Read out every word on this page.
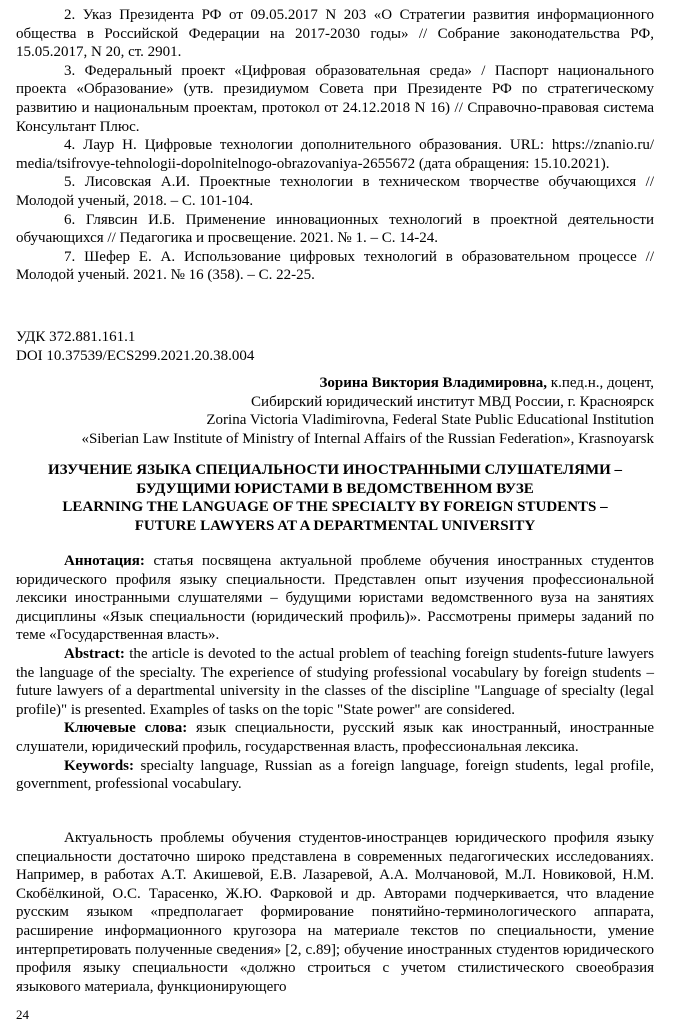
2. Указ Президента РФ от 09.05.2017 N 203 «О Стратегии развития информационного общества в Российской Федерации на 2017-2030 годы» // Собрание законодательства РФ, 15.05.2017, N 20, ст. 2901.

3. Федеральный проект «Цифровая образовательная среда» / Паспорт национального проекта «Образование» (утв. президиумом Совета при Президенте РФ по стратегическому развитию и национальным проектам, протокол от 24.12.2018 N 16) // Справочно-правовая система Консультант Плюс.

4. Лаур Н. Цифровые технологии дополнительного образования. URL: https://znanio.ru/ media/tsifrovye-tehnologii-dopolnitelnogo-obrazovaniya-2655672 (дата обращения: 15.10.2021).

5. Лисовская А.И. Проектные технологии в техническом творчестве обучающихся // Молодой ученый, 2018. – С. 101-104.

6. Глявсин И.Б. Применение инновационных технологий в проектной деятельности обучающихся // Педагогика и просвещение. 2021. № 1. – С. 14-24.

7. Шефер Е. А. Использование цифровых технологий в образовательном процессе // Молодой ученый. 2021. № 16 (358). – С. 22-25.

УДК 372.881.161.1
DOI 10.37539/ECS299.2021.20.38.004
Зорина Виктория Владимировна, к.пед.н., доцент,
Сибирский юридический институт МВД России, г. Красноярск
Zorina Victoria Vladimirovna, Federal State Public Educational Institution
«Siberian Law Institute of Ministry of Internal Affairs of the Russian Federation», Krasnoyarsk
ИЗУЧЕНИЕ ЯЗЫКА СПЕЦИАЛЬНОСТИ ИНОСТРАННЫМИ СЛУШАТЕЛЯМИ –
БУДУЩИМИ ЮРИСТАМИ В ВЕДОМСТВЕННОМ ВУЗЕ
LEARNING THE LANGUAGE OF THE SPECIALTY BY FOREIGN STUDENTS –
FUTURE LAWYERS AT A DEPARTMENTAL UNIVERSITY

Аннотация: статья посвящена актуальной проблеме обучения иностранных студентов юридического профиля языку специальности. Представлен опыт изучения профессиональной лексики иностранными слушателями – будущими юристами ведомственного вуза на занятиях дисциплины «Язык специальности (юридический профиль)». Рассмотрены примеры заданий по теме «Государственная власть».

Abstract: the article is devoted to the actual problem of teaching foreign students-future lawyers the language of the specialty. The experience of studying professional vocabulary by foreign students – future lawyers of a departmental university in the classes of the discipline "Language of specialty (legal profile)" is presented. Examples of tasks on the topic "State power" are considered.

Ключевые слова: язык специальности, русский язык как иностранный, иностранные слушатели, юридический профиль, государственная власть, профессиональная лексика.

Keywords: specialty language, Russian as a foreign language, foreign students, legal profile, government, professional vocabulary.

Актуальность проблемы обучения студентов-иностранцев юридического профиля языку специальности достаточно широко представлена в современных педагогических исследованиях. Например, в работах А.Т. Акишевой, Е.В. Лазаревой, А.А. Молчановой, М.Л. Новиковой, Н.М. Скобёлкиной, О.С. Тарасенко, Ж.Ю. Фарковой и др. Авторами подчеркивается, что владение русским языком «предполагает формирование понятийно-терминологического аппарата, расширение информационного кругозора на материале текстов по специальности, умение интерпретировать полученные сведения» [2, с.89]; обучение иностранных студентов юридического профиля языку специальности «должно строиться с учетом стилистического своеобразия языкового материала, функционирующего

24
